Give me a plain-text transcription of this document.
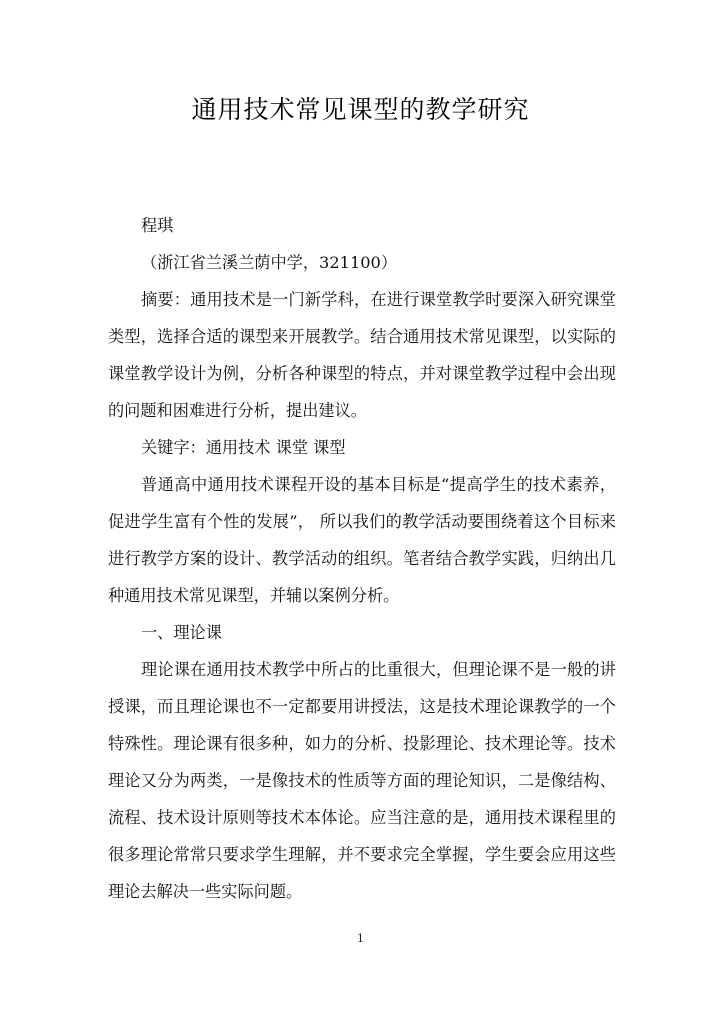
通用技术常见课型的教学研究

程琪

（浙江省兰溪兰荫中学，321100）

摘要：通用技术是一门新学科，在进行课堂教学时要深入研究课堂类型，选择合适的课型来开展教学。结合通用技术常见课型，以实际的课堂教学设计为例，分析各种课型的特点，并对课堂教学过程中会出现的问题和困难进行分析，提出建议。

关键字：通用技术 课堂 课型

普通高中通用技术课程开设的基本目标是“提高学生的技术素养，促进学生富有个性的发展”， 所以我们的教学活动要围绕着这个目标来进行教学方案的设计、教学活动的组织。笔者结合教学实践，归纳出几种通用技术常见课型，并辅以案例分析。

一、理论课

理论课在通用技术教学中所占的比重很大，但理论课不是一般的讲授课，而且理论课也不一定都要用讲授法，这是技术理论课教学的一个特殊性。理论课有很多种，如力的分析、投影理论、技术理论等。技术理论又分为两类，一是像技术的性质等方面的理论知识，二是像结构、流程、技术设计原则等技术本体论。应当注意的是，通用技术课程里的很多理论常常只要求学生理解，并不要求完全掌握，学生要会应用这些理论去解决一些实际问题。

1
